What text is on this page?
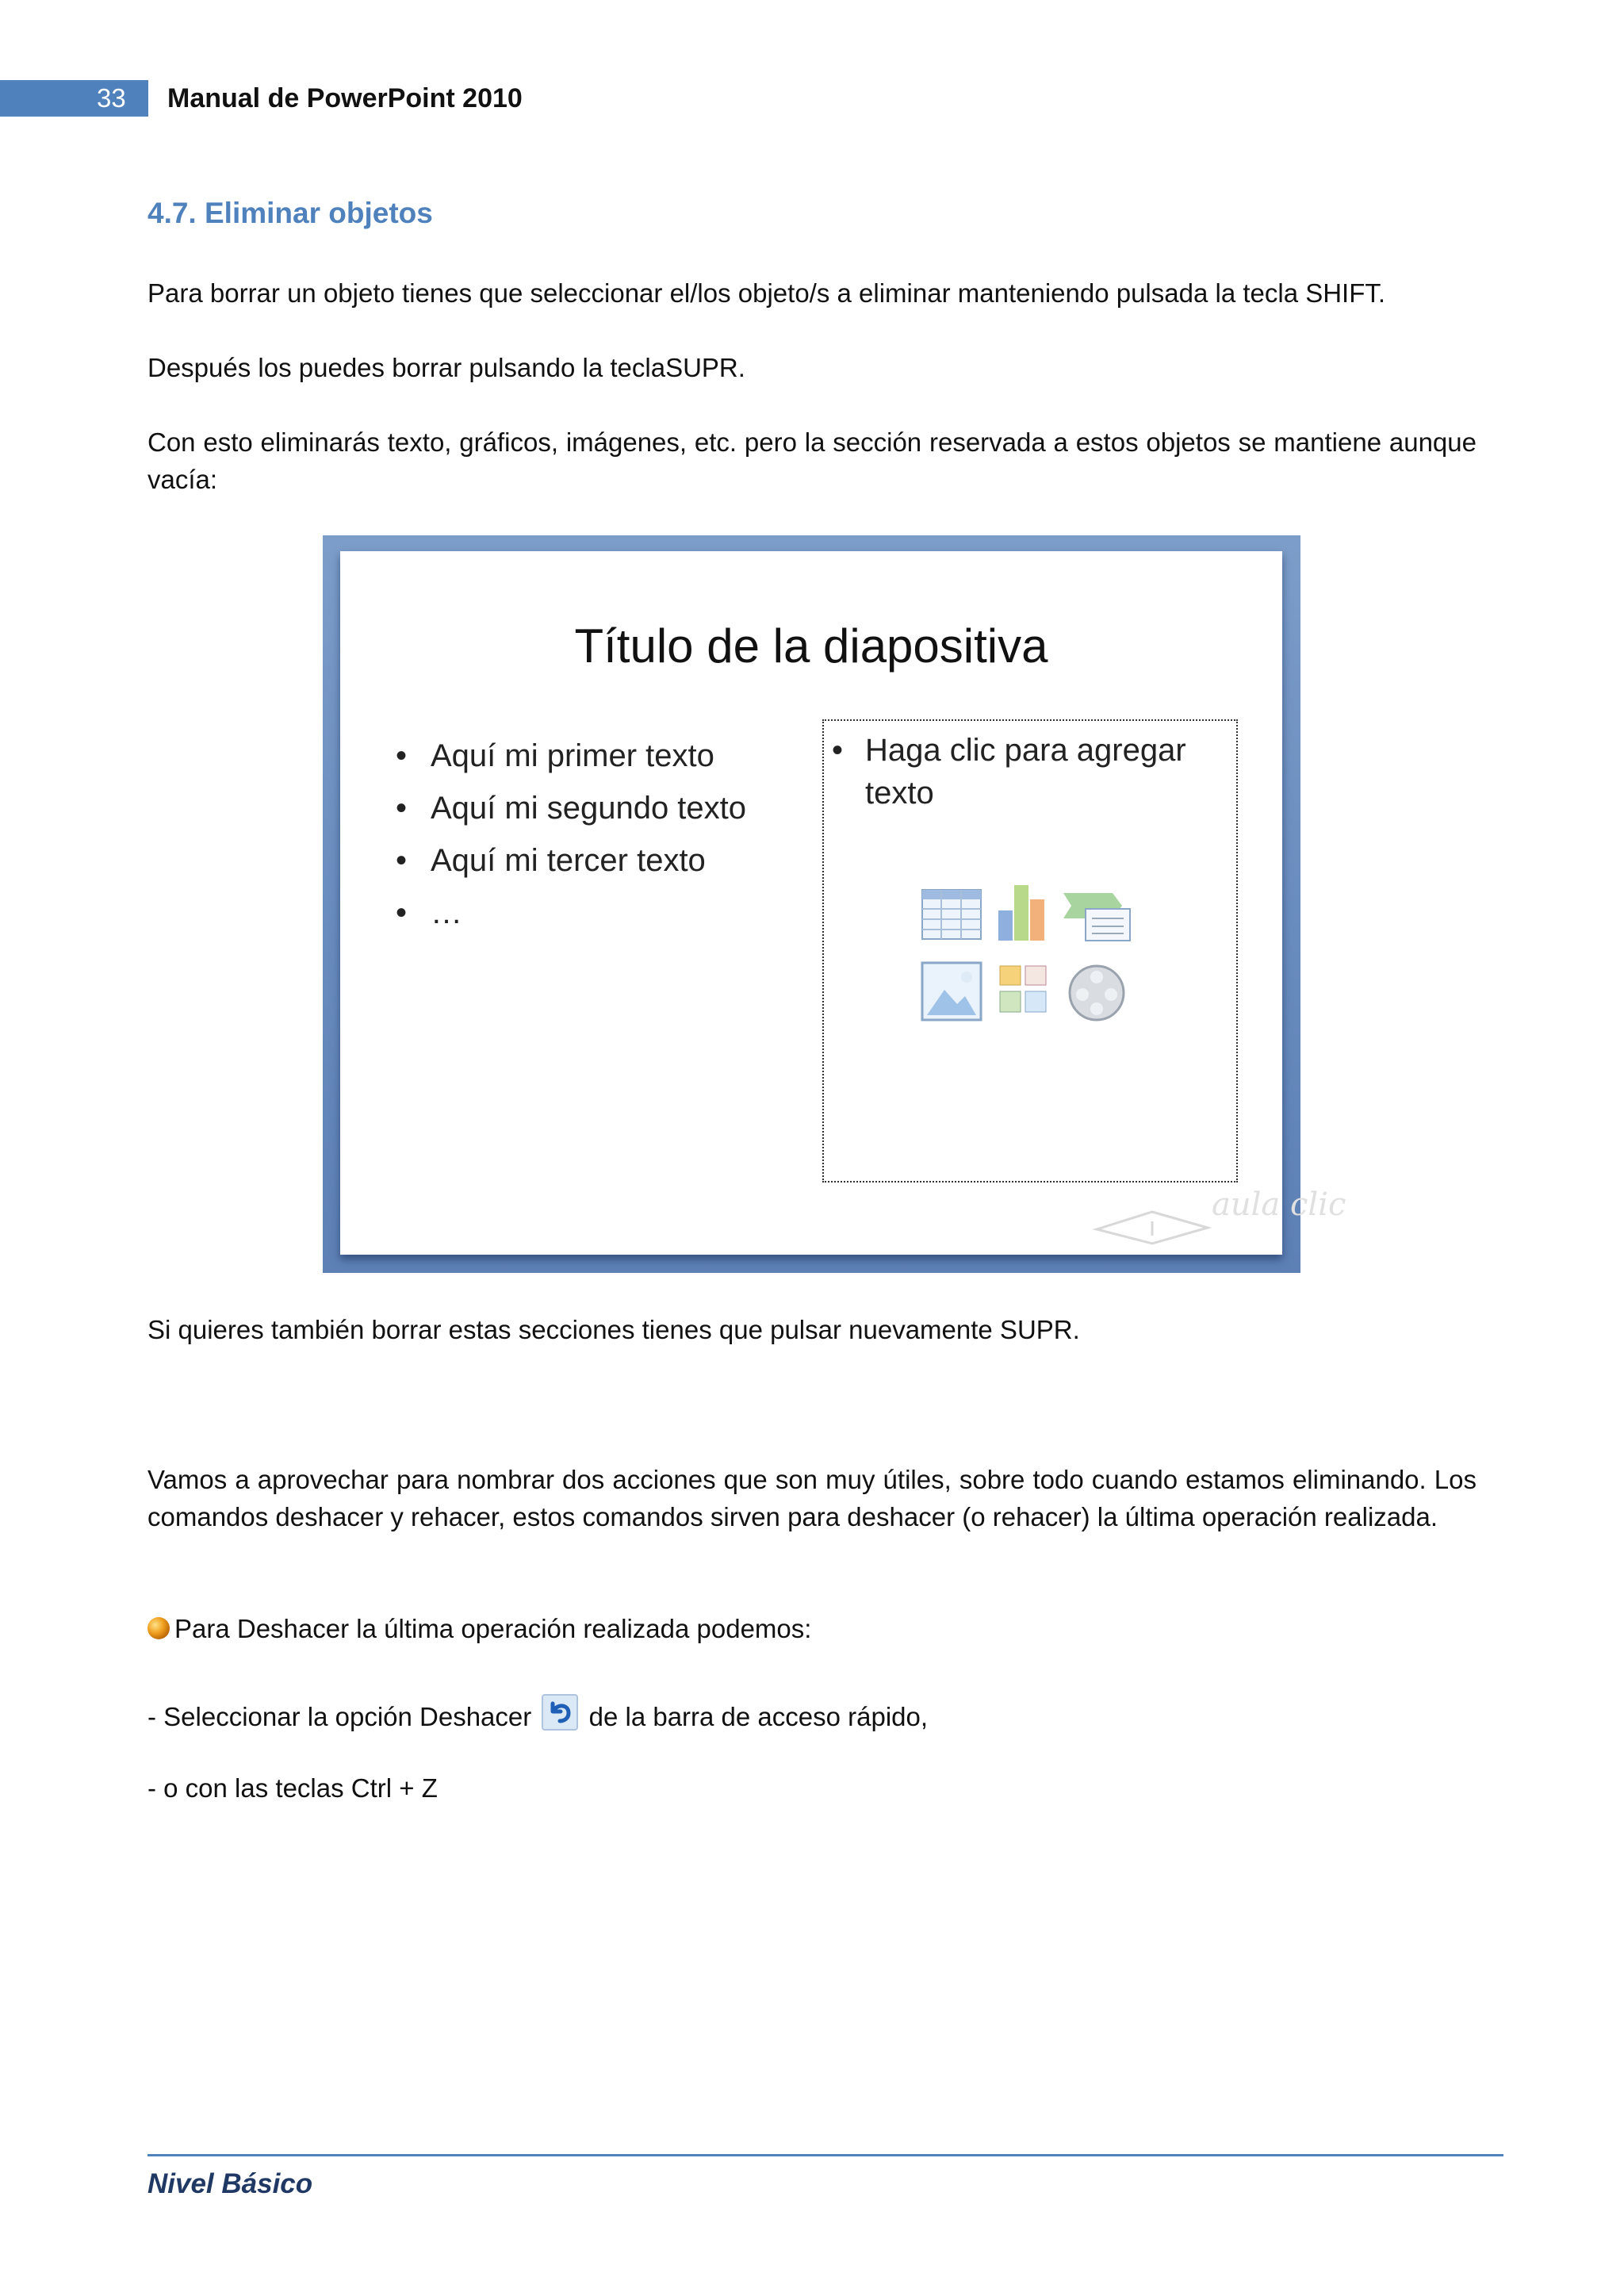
33	Manual de PowerPoint 2010
4.7. Eliminar objetos
Para borrar un objeto tienes que seleccionar el/los objeto/s a eliminar manteniendo pulsada la tecla SHIFT.
Después los puedes borrar pulsando la teclaSUPR.
Con esto eliminarás texto, gráficos, imágenes, etc. pero la sección reservada a estos objetos se mantiene aunque vacía:
Título de la diapositiva
• Aquí mi primer texto
• Aquí mi segundo texto
• Aquí mi tercer texto
• …
• Haga clic para agregar texto
aula clic
Si quieres también borrar estas secciones tienes que pulsar nuevamente SUPR.
Vamos a aprovechar para nombrar dos acciones que son muy útiles, sobre todo cuando estamos eliminando. Los comandos deshacer y rehacer, estos comandos sirven para deshacer (o rehacer) la última operación realizada.
Para Deshacer la última operación realizada podemos:
- Seleccionar la opción Deshacer de la barra de acceso rápido,
- o con las teclas Ctrl + Z
Nivel Básico
